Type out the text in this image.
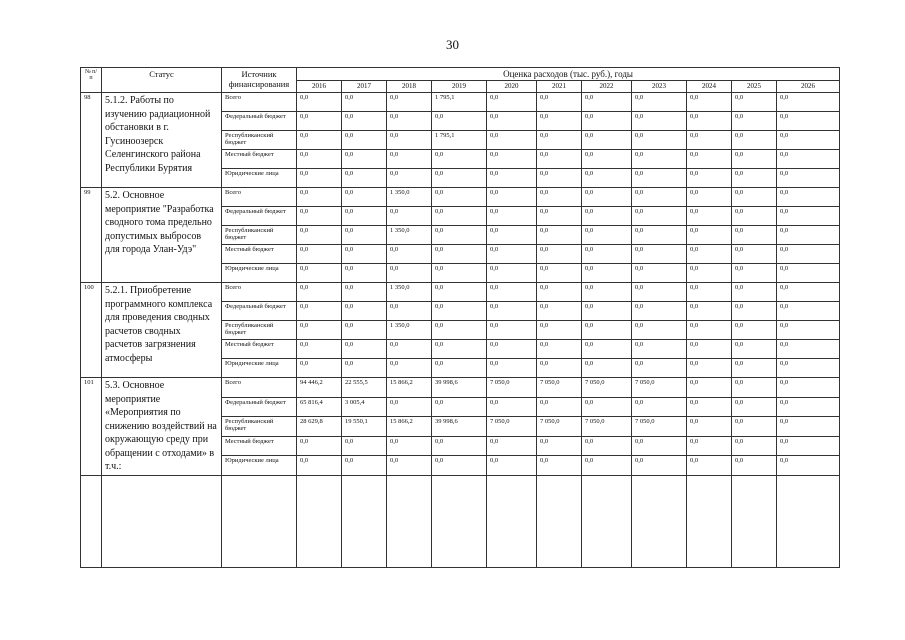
30
№ п/п	Статус	Источник финансирования	Оценка расходов (тыс. руб.), годы										
			2016	2017	2018	2019	2020	2021	2022	2023	2024	2025	2026
98	5.1.2. Работы по изучению радиационной обстановки в г. Гусиноозерск Селенгинского района Республики Бурятия	Всего	0,0	0,0	0,0	1 795,1	0,0	0,0	0,0	0,0	0,0	0,0	0,0
		Федеральный бюджет	0,0	0,0	0,0	0,0	0,0	0,0	0,0	0,0	0,0	0,0	0,0
		Республиканский бюджет	0,0	0,0	0,0	1 795,1	0,0	0,0	0,0	0,0	0,0	0,0	0,0
		Местный бюджет	0,0	0,0	0,0	0,0	0,0	0,0	0,0	0,0	0,0	0,0	0,0
		Юридические лица	0,0	0,0	0,0	0,0	0,0	0,0	0,0	0,0	0,0	0,0	0,0
99	5.2. Основное мероприятие "Разработка сводного тома предельно допустимых выбросов для города Улан-Удэ"	Всего	0,0	0,0	1 350,0	0,0	0,0	0,0	0,0	0,0	0,0	0,0	0,0
		Федеральный бюджет	0,0	0,0	0,0	0,0	0,0	0,0	0,0	0,0	0,0	0,0	0,0
		Республиканский бюджет	0,0	0,0	1 350,0	0,0	0,0	0,0	0,0	0,0	0,0	0,0	0,0
		Местный бюджет	0,0	0,0	0,0	0,0	0,0	0,0	0,0	0,0	0,0	0,0	0,0
		Юридические лица	0,0	0,0	0,0	0,0	0,0	0,0	0,0	0,0	0,0	0,0	0,0
100	5.2.1. Приобретение программного комплекса для проведения сводных расчетов сводных расчетов загрязнения атмосферы	Всего	0,0	0,0	1 350,0	0,0	0,0	0,0	0,0	0,0	0,0	0,0	0,0
		Федеральный бюджет	0,0	0,0	0,0	0,0	0,0	0,0	0,0	0,0	0,0	0,0	0,0
		Республиканский бюджет	0,0	0,0	1 350,0	0,0	0,0	0,0	0,0	0,0	0,0	0,0	0,0
		Местный бюджет	0,0	0,0	0,0	0,0	0,0	0,0	0,0	0,0	0,0	0,0	0,0
		Юридические лица	0,0	0,0	0,0	0,0	0,0	0,0	0,0	0,0	0,0	0,0	0,0
101	5.3. Основное мероприятие «Мероприятия по снижению воздействий на окружающую среду при обращении с отходами» в т.ч.:	Всего	94 446,2	22 555,5	15 866,2	39 998,6	7 050,0	7 050,0	7 050,0	7 050,0	0,0	0,0	0,0
		Федеральный бюджет	65 816,4	3 005,4	0,0	0,0	0,0	0,0	0,0	0,0	0,0	0,0	0,0
		Республиканский бюджет	28 629,8	19 550,1	15 866,2	39 998,6	7 050,0	7 050,0	7 050,0	7 050,0	0,0	0,0	0,0
		Местный бюджет	0,0	0,0	0,0	0,0	0,0	0,0	0,0	0,0	0,0	0,0	0,0
		Юридические лица	0,0	0,0	0,0	0,0	0,0	0,0	0,0	0,0	0,0	0,0	0,0
